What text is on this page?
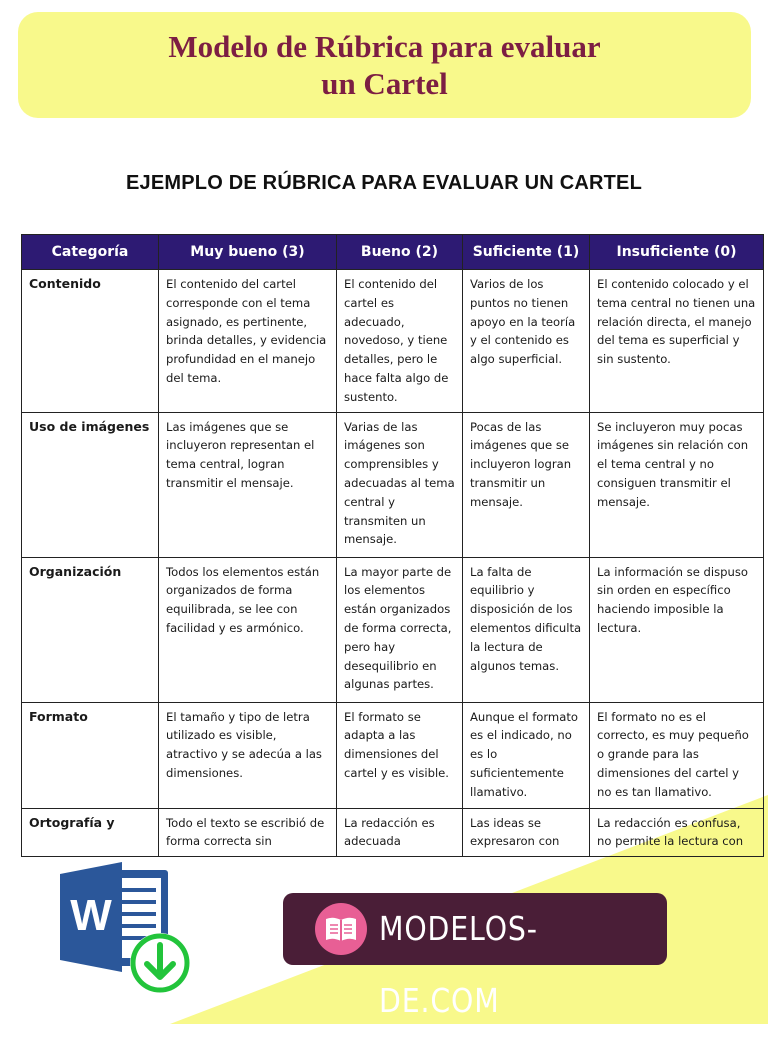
Modelo de Rúbrica para evaluar
un Cartel
EJEMPLO DE RÚBRICA PARA EVALUAR UN CARTEL
Categoría	Muy bueno (3)	Bueno (2)	Suficiente (1)	Insuficiente (0)
Contenido	El contenido del cartel corresponde con el tema asignado, es pertinente, brinda detalles, y evidencia profundidad en el manejo del tema.	El contenido del cartel es adecuado, novedoso, y tiene detalles, pero le hace falta algo de sustento.	Varios de los puntos no tienen apoyo en la teoría y el contenido es algo superficial.	El contenido colocado y el tema central no tienen una relación directa, el manejo del tema es superficial y sin sustento.
Uso de imágenes	Las imágenes que se incluyeron representan el tema central, logran transmitir el mensaje.	Varias de las imágenes son comprensibles y adecuadas al tema central y transmiten un mensaje.	Pocas de las imágenes que se incluyeron logran transmitir un mensaje.	Se incluyeron muy pocas imágenes sin relación con el tema central y no consiguen transmitir el mensaje.
Organización	Todos los elementos están organizados de forma equilibrada, se lee con facilidad y es armónico.	La mayor parte de los elementos están organizados de forma correcta, pero hay desequilibrio en algunas partes.	La falta de equilibrio y disposición de los elementos dificulta la lectura de algunos temas.	La información se dispuso sin orden en específico haciendo imposible la lectura.
Formato	El tamaño y tipo de letra utilizado es visible, atractivo y se adecúa a las dimensiones.	El formato se adapta a las dimensiones del cartel y es visible.	Aunque el formato es el indicado, no es lo suficientemente llamativo.	El formato no es el correcto, es muy pequeño o grande para las dimensiones del cartel y no es tan llamativo.
Ortografía y	Todo el texto se escribió de forma correcta sin	La redacción es adecuada	Las ideas se expresaron con	La redacción es confusa, no permite la lectura con
W	MODELOS-DE.COM
